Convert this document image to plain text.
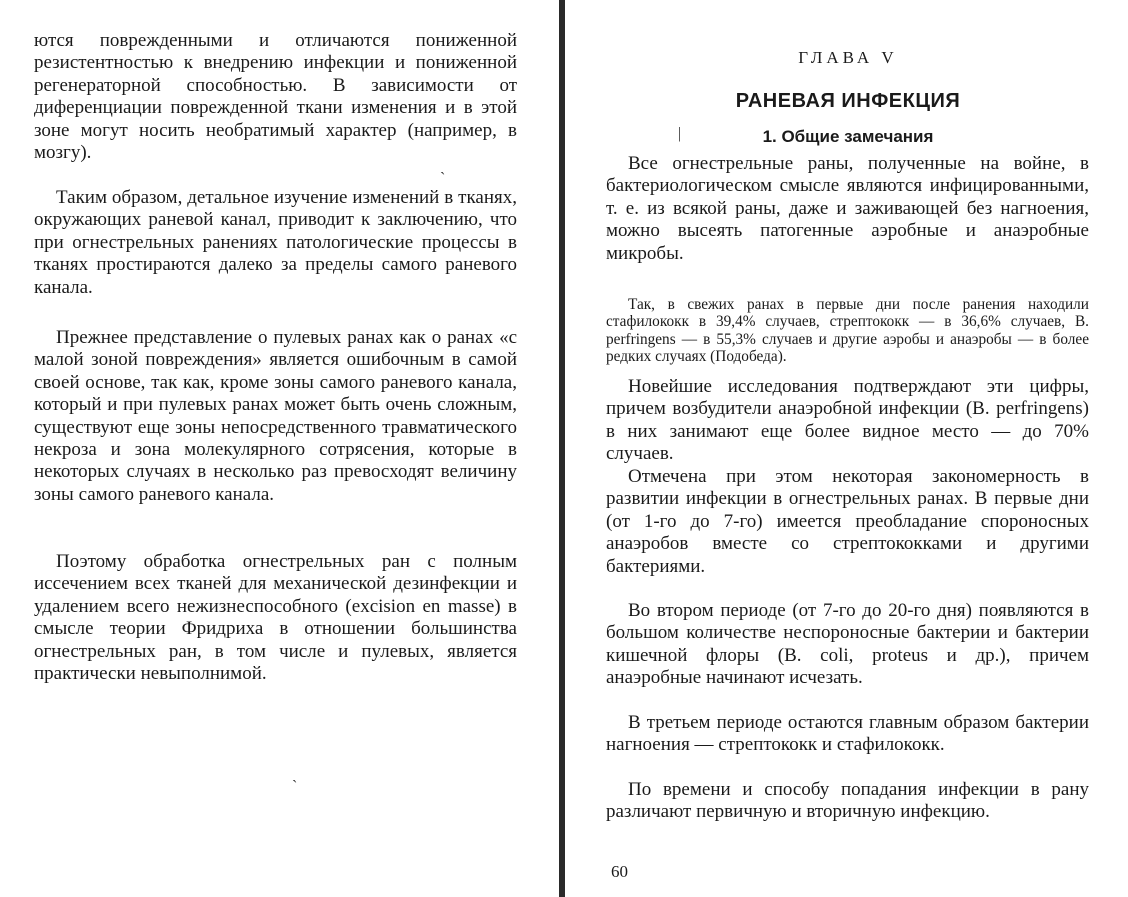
ются поврежденными и отличаются пониженной резистентностью к внедрению инфекции и пониженной регенераторной способностью. В зависимости от диференциации поврежденной ткани изменения и в этой зоне могут носить необратимый характер (например, в мозгу).

Таким образом, детальное изучение изменений в тканях, окружающих раневой канал, приводит к заключению, что при огнестрельных ранениях патологические процессы в тканях простираются далеко за пределы самого раневого канала.

Прежнее представление о пулевых ранах как о ранах «с малой зоной повреждения» является ошибочным в самой своей основе, так как, кроме зоны самого раневого канала, который и при пулевых ранах может быть очень сложным, существуют еще зоны непосредственного травматического некроза и зона молекулярного сотрясения, которые в некоторых случаях в несколько раз превосходят величину зоны самого раневого канала.

Поэтому обработка огнестрельных ран с полным иссечением всех тканей для механической дезинфекции и удалением всего нежизнеспособного (excision en masse) в смысле теории Фридриха в отношении большинства огнестрельных ран, в том числе и пулевых, является практически невыполнимой.

`
`
ГЛАВА V
РАНЕВАЯ ИНФЕКЦИЯ
1. Общие замечания
|

Все огнестрельные раны, полученные на войне, в бактериологическом смысле являются инфицированными, т. е. из всякой раны, даже и заживающей без нагноения, можно высеять патогенные аэробные и анаэробные микробы.

Так, в свежих ранах в первые дни после ранения находили стафилококк в 39,4% случаев, стрептококк — в 36,6% случаев, B. perfringens — в 55,3% случаев и другие аэробы и анаэробы — в более редких случаях (Подобеда).

Новейшие исследования подтверждают эти цифры, причем возбудители анаэробной инфекции (B. perfringens) в них занимают еще более видное место — до 70% случаев.

Отмечена при этом некоторая закономерность в развитии инфекции в огнестрельных ранах. В первые дни (от 1-го до 7-го) имеется преобладание спороносных анаэробов вместе со стрептококками и другими бактериями.

Во втором периоде (от 7-го до 20-го дня) появляются в большом количестве неспороносные бактерии и бактерии кишечной флоры (B. coli, proteus и др.), причем анаэробные начинают исчезать.

В третьем периоде остаются главным образом бактерии нагноения — стрептококк и стафилококк.

По времени и способу попадания инфекции в рану различают первичную и вторичную инфекцию.

60
